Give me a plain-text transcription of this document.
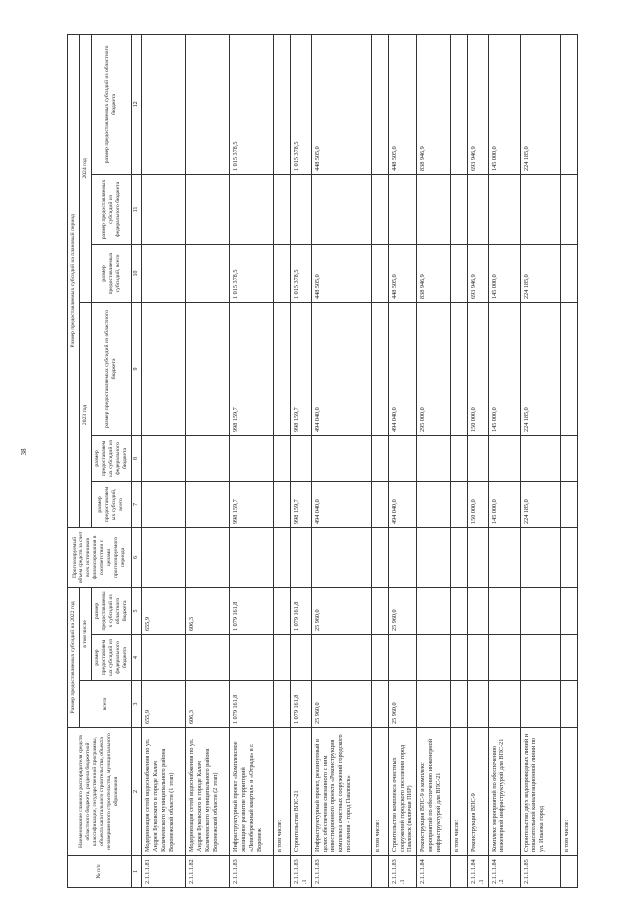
38
№ п/п	Наименование главного распорядителя средств областного бюджета, раздела бюджетной классификации, государственной программы, объекта капитального строительства, объекта незавершенного строительства, муниципального образования	Размер предоставляемых субсидий на 2022 год			Прогнозируемый объем средств за счет всех источников финансирования в соответствии с ценами прогнозируемого периода	Размер предоставляемых субсидий на плановый период					
		всего	в том числе			2023 год			2024 год		
			размер предоставляемых субсидий из федерального бюджета	размер предоставляемых субсидий из областного бюджета		размер предоставляемых субсидий, всего	размер предоставляемых субсидий из федерального бюджета	размер предоставляемых субсидий из областного бюджета	размер предоставляемых субсидий, всего	размер предоставляемых субсидий из федерального бюджета	размер предоставляемых субсидий из областного бюджета

1	2	3	4	5	6	7	8	9	10	11	12
2.1.1.1.81	Модернизация сетей водоснабжения по ул. Андрея Буковского в городе Калач Калачеевского муниципального района Воронежской области (1 этап)	655,9		655,9							
2.1.1.1.82	Модернизация сетей водоснабжения по ул. Андрея Буковского в городе Калач Калачеевского муниципального района Воронежской области (2 этап)	606,3		606,3							
2.1.1.1.83	Инфраструктурный проект «Комплексное жилищное развитие территорий «Левобережный квартал» и «Отрада» в г. Воронеж	1 079 161,8		1 079 161,8		998 159,7		998 159,7	1 015 378,5		1 015 378,5
	в том числе:										
2.1.1.1.83.1	Строительство ВПС-21	1 079 161,8		1 079 161,8		998 159,7		998 159,7	1 015 378,5		1 015 378,5
2.1.1.1.83	Инфраструктурный проект, реализуемый в целях обеспечения связанного с ним инвестиционного проекта «Реконструкция комплекса очистных сооружений городского поселения - город Павловск»	25 960,0		25 960,0		494 040,0		494 040,0	448 505,0		448 505,0
	в том числе:										
2.1.1.1.83.1	Строительство комплекса очистных сооружений городского поселения город Павловск (включая ПИР)	25 960,0		25 960,0		494 040,0		494 040,0	448 505,0		448 505,0
2.1.1.1.84	Реконструкция ВПС-9 и комплекс мероприятий по обеспечению инженерной инфраструктурой для ВПС-21							295 000,0	838 946,9		838 946,9
	в том числе:										
2.1.1.1.84.1	Реконструкция ВПС-9					150 000,0		150 000,0	693 946,9		693 946,9
2.1.1.1.84.2	Комплекс мероприятий по обеспечению инженерной инфраструктурой для ВПС-21					145 000,0		145 000,0	145 000,0		145 000,0
2.1.1.1.85	Строительство двух водопроводных линий и повысительной канализационной линии по ул. Ильюка город					224 185,0		224 185,0	224 185,0		224 185,0
	в том числе:										
